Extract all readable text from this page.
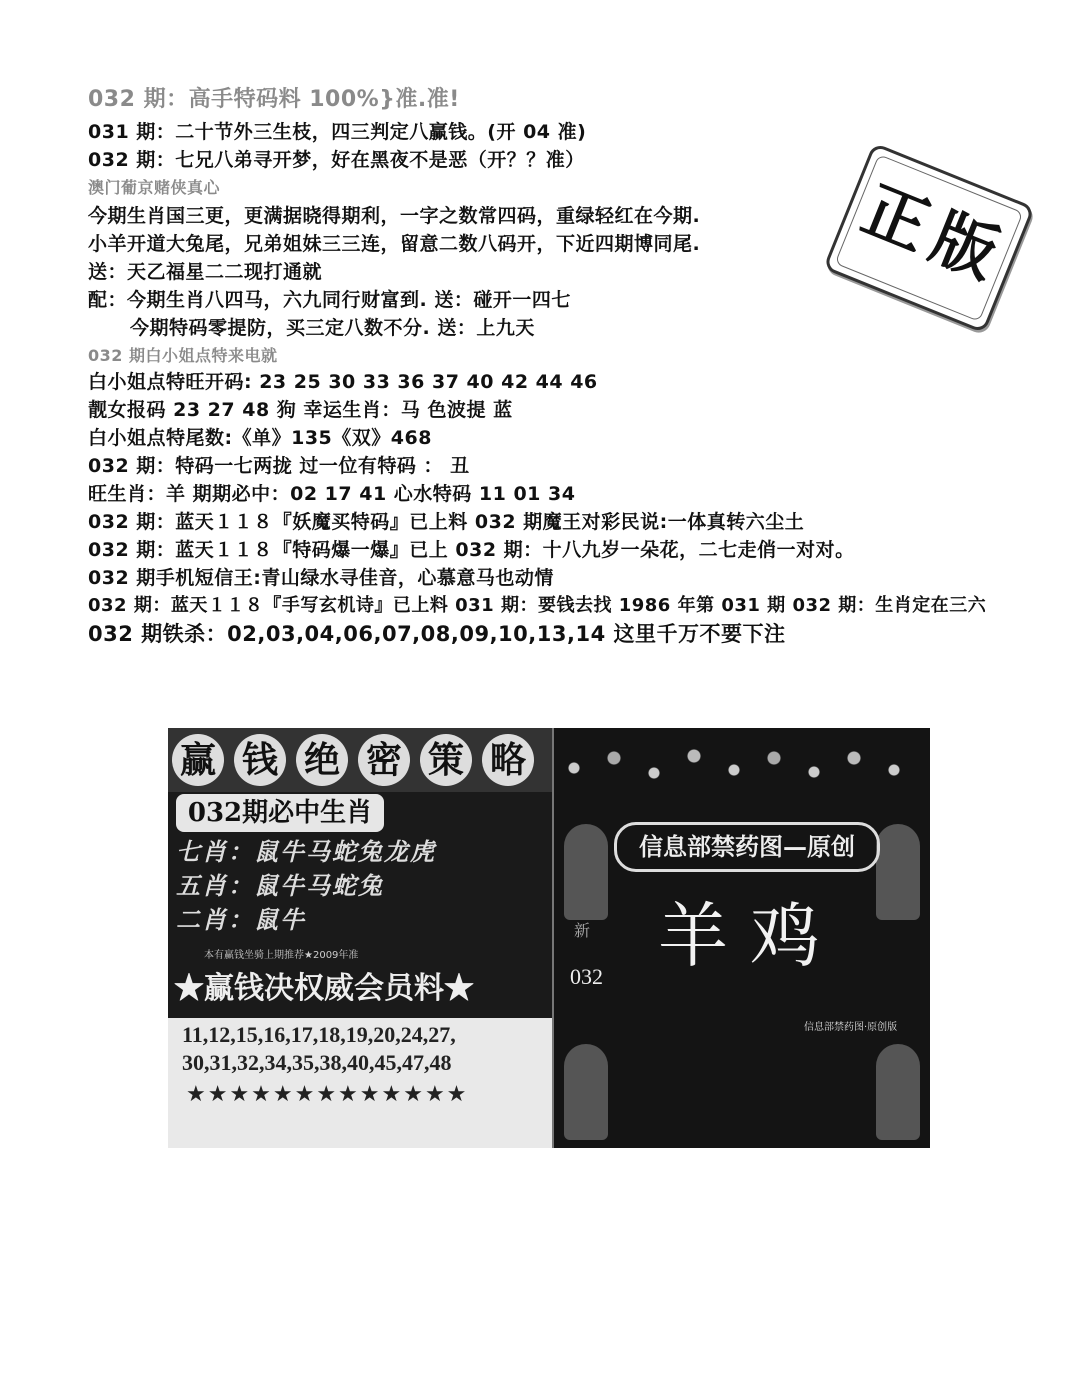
032 期：高手特码料 100%}准.准!
031 期：二十节外三生枝，四三判定八赢钱。(开 04 准)
032 期：七兄八弟寻开梦，好在黑夜不是恶（开？？准）
澳门葡京赌侠真心
今期生肖国三更，更满据晓得期利，一字之数常四码，重绿轻红在今期.
小羊开道大兔尾，兄弟姐妹三三连，留意二数八码开，下近四期博同尾.
送：天乙福星二二现打通就
配：今期生肖八四马，六九同行财富到. 送：碰开一四七
今期特码零提防，买三定八数不分. 送：上九天
032 期白小姐点特来电就
白小姐点特旺开码: 23 25 30 33 36 37 40 42 44 46
靓女报码 23 27 48 狗 幸运生肖：马 色波提 蓝
白小姐点特尾数:《单》135《双》468
032 期：特码一七两拢 过一位有特码 ： 丑
旺生肖：羊 期期必中：02 17 41 心水特码 11 01 34
032 期：蓝天１１８『妖魔买特码』已上料 032 期魔王对彩民说:一体真转六尘土
032 期：蓝天１１８『特码爆一爆』已上 032 期：十八九岁一朵花，二七走俏一对对。
032 期手机短信王:青山绿水寻佳音，心慕意马也动情
032 期：蓝天１１８『手写玄机诗』已上料 031 期：要钱去找 1986 年第 031 期 032 期：生肖定在三六
032 期铁杀：02,03,04,06,07,08,09,10,13,14 这里千万不要下注
正
版
赢 钱 绝 密 策 略
032期必中生肖
七肖：鼠牛马蛇兔龙虎
五肖：鼠牛马蛇兔
二肖：鼠牛
本有赢钱坐骑上期推荐★2009年准
★赢钱决权威会员料★
11,12,15,16,17,18,19,20,24,27,
30,31,32,34,35,38,40,45,47,48
★★★★★★★★★★★★★
信息部禁药图—原创
羊鸡
新
032
信息部禁药图·原创版
